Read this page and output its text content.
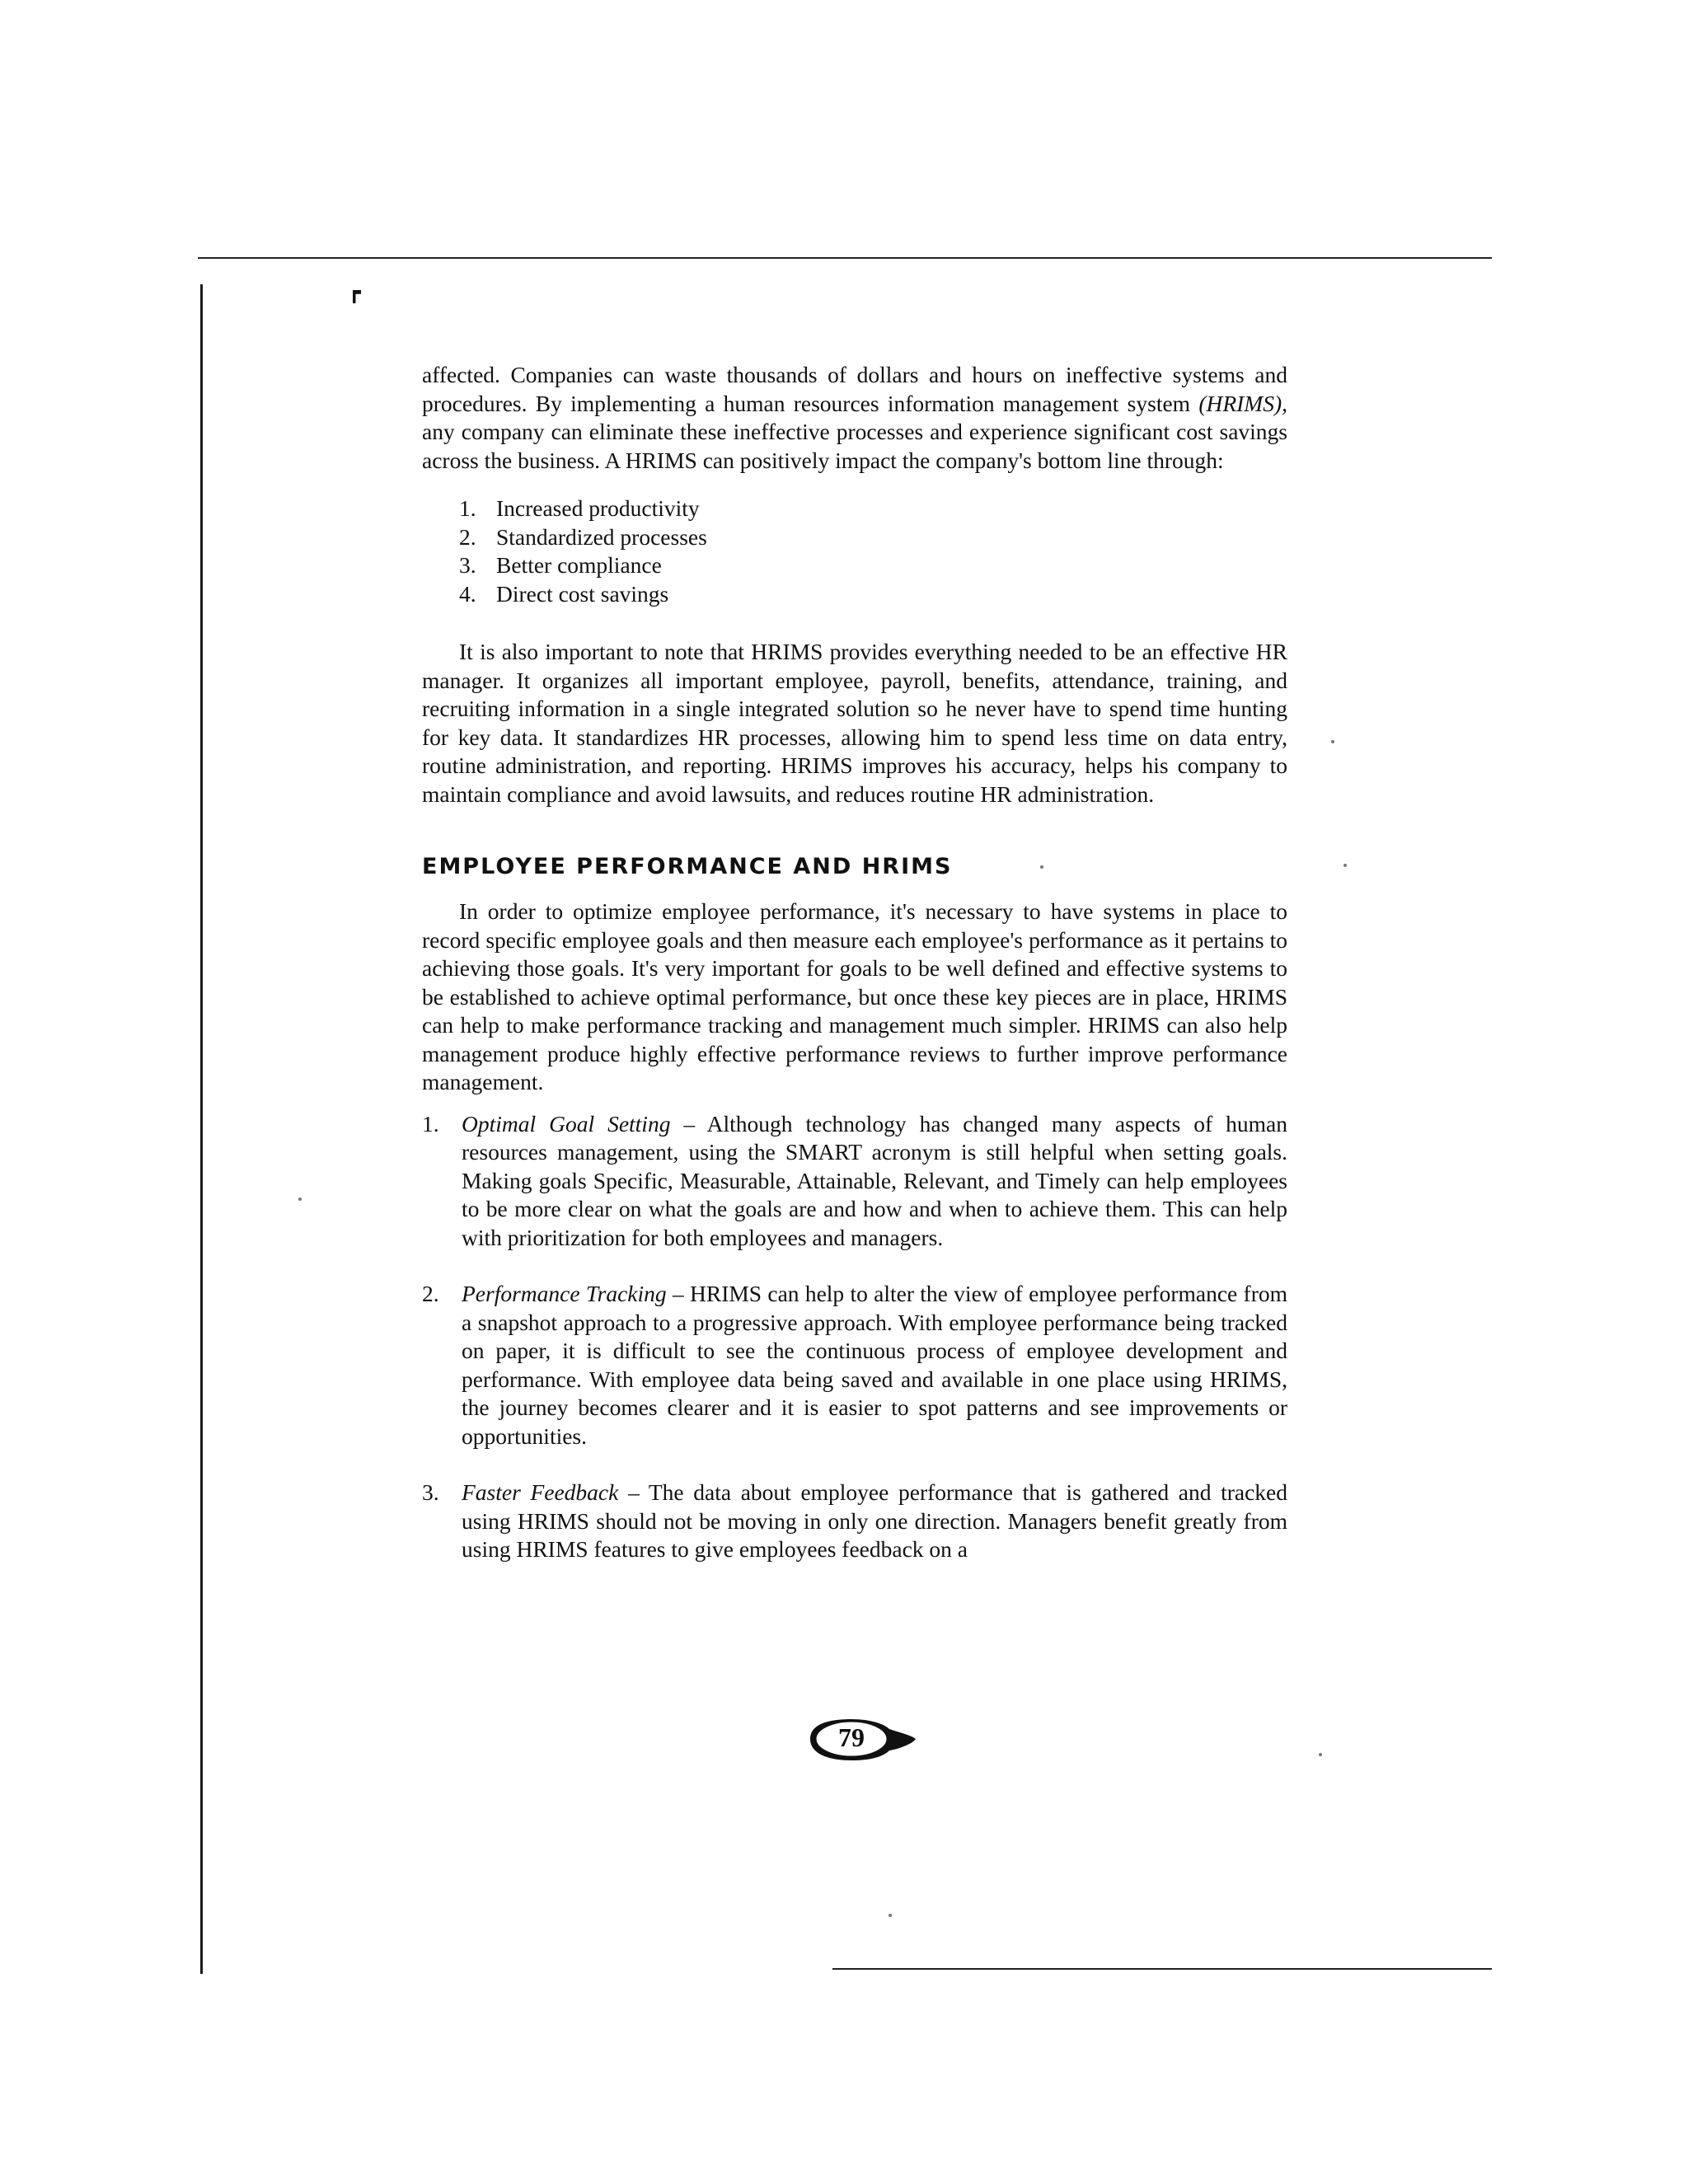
affected. Companies can waste thousands of dollars and hours on ineffective systems and procedures. By implementing a human resources information management system (HRIMS), any company can eliminate these ineffective processes and experience significant cost savings across the business. A HRIMS can positively impact the company's bottom line through:

1. Increased productivity
2. Standardized processes
3. Better compliance
4. Direct cost savings

It is also important to note that HRIMS provides everything needed to be an effective HR manager. It organizes all important employee, payroll, benefits, attendance, training, and recruiting information in a single integrated solution so he never have to spend time hunting for key data. It standardizes HR processes, allowing him to spend less time on data entry, routine administration, and reporting. HRIMS improves his accuracy, helps his company to maintain compliance and avoid lawsuits, and reduces routine HR administration.

EMPLOYEE PERFORMANCE AND HRIMS

In order to optimize employee performance, it's necessary to have systems in place to record specific employee goals and then measure each employee's performance as it pertains to achieving those goals. It's very important for goals to be well defined and effective systems to be established to achieve optimal performance, but once these key pieces are in place, HRIMS can help to make performance tracking and management much simpler. HRIMS can also help management produce highly effective performance reviews to further improve performance management.

1. Optimal Goal Setting – Although technology has changed many aspects of human resources management, using the SMART acronym is still helpful when setting goals. Making goals Specific, Measurable, Attainable, Relevant, and Timely can help employees to be more clear on what the goals are and how and when to achieve them. This can help with prioritization for both employees and managers.
2. Performance Tracking – HRIMS can help to alter the view of employee performance from a snapshot approach to a progressive approach. With employee performance being tracked on paper, it is difficult to see the continuous process of employee development and performance. With employee data being saved and available in one place using HRIMS, the journey becomes clearer and it is easier to spot patterns and see improvements or opportunities.
3. Faster Feedback – The data about employee performance that is gathered and tracked using HRIMS should not be moving in only one direction. Managers benefit greatly from using HRIMS features to give employees feedback on a
79
